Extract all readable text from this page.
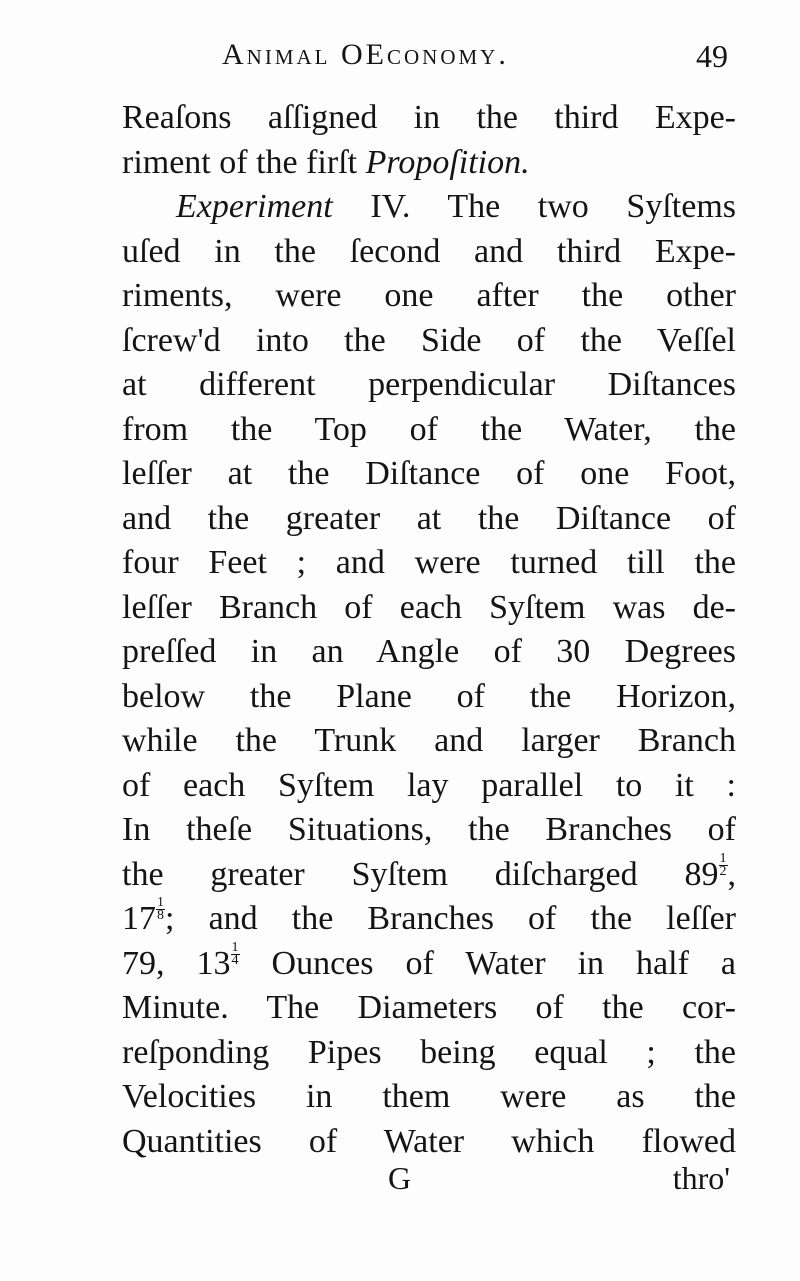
Animal OEconomy.	49
Reaſons aſſigned in the third Expe-
riment of the firſt Propoſition.
Experiment IV. The two Syſtems
uſed in the ſecond and third Expe-
riments, were one after the other
ſcrew'd into the Side of the Veſſel
at different perpendicular Diſtances
from the Top of the Water, the
leſſer at the Diſtance of one Foot,
and the greater at the Diſtance of
four Feet ; and were turned till the
leſſer Branch of each Syſtem was de-
preſſed in an Angle of 30 Degrees
below the Plane of the Horizon,
while the Trunk and larger Branch
of each Syſtem lay parallel to it :
In theſe Situations, the Branches of
the greater Syſtem diſcharged $89 \frac{1}{2}$ ,
$17 \frac{1}{8}$ ; and the Branches of the leſſer
79, $13 \frac{1}{4}$ Ounces of Water in half a
Minute. The Diameters of the cor-
reſponding Pipes being equal ; the
Velocities in them were as the
Quantities of Water which flowed
G	thro'
